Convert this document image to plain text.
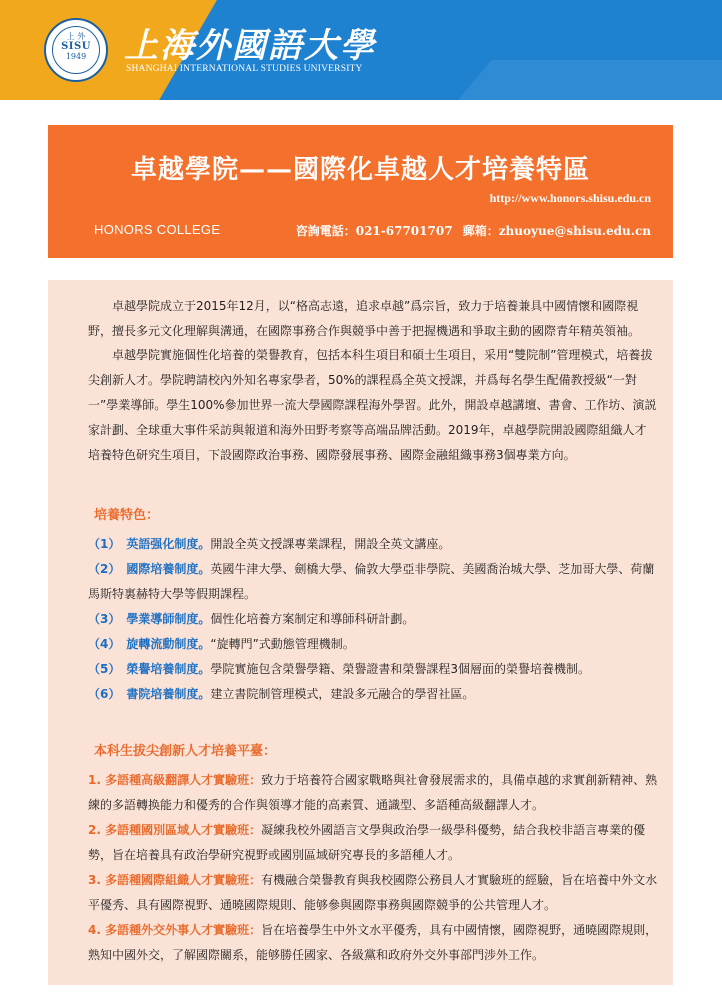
上 外
SISU
1949	上海外國語大學
SHANGHAI INTERNATIONAL STUDIES UNIVERSITY
卓越學院——國際化卓越人才培養特區
http://www.honors.shisu.edu.cn
HONORS COLLEGE	咨詢電話：021-67701707 郵箱：zhuoyue@shisu.edu.cn
卓越學院成立于2015年12月，以“格高志遠，追求卓越”爲宗旨，致力于培養兼具中國情懷和國際視野，擅長多元文化理解與溝通，在國際事務合作與競爭中善于把握機遇和爭取主動的國際青年精英領袖。
卓越學院實施個性化培養的榮譽教育，包括本科生項目和碩士生項目，采用“雙院制”管理模式，培養拔尖創新人才。學院聘請校內外知名專家學者，50%的課程爲全英文授課，并爲每名學生配備教授級“一對一”學業導師。學生100%參加世界一流大學國際課程海外學習。此外，開設卓越講壇、書會、工作坊、演説家計劃、全球重大事件采訪與報道和海外田野考察等高端品牌活動。2019年，卓越學院開設國際組織人才培養特色研究生項目，下設國際政治事務、國際發展事務、國際金融組織事務3個專業方向。
培養特色：
（1） 英語强化制度。開設全英文授課專業課程，開設全英文講座。
（2） 國際培養制度。英國牛津大學、劍橋大學、倫敦大學亞非學院、美國喬治城大學、芝加哥大學、荷蘭馬斯特裏赫特大學等假期課程。
（3） 學業導師制度。個性化培養方案制定和導師科研計劃。
（4） 旋轉流動制度。“旋轉門”式動態管理機制。
（5） 榮譽培養制度。學院實施包含榮譽學籍、榮譽證書和榮譽課程3個層面的榮譽培養機制。
（6） 書院培養制度。建立書院制管理模式，建設多元融合的學習社區。
本科生拔尖創新人才培養平臺：
1. 多語種高級翻譯人才實驗班：致力于培養符合國家戰略與社會發展需求的，具備卓越的求實創新精神、熟練的多語轉换能力和優秀的合作與領導才能的高素質、通識型、多語種高級翻譯人才。
2. 多語種國別區域人才實驗班：凝練我校外國語言文學與政治學一級學科優勢，結合我校非語言專業的優勢，旨在培養具有政治學研究視野或國別區域研究專長的多語種人才。
3. 多語種國際組織人才實驗班：有機融合榮譽教育與我校國際公務員人才實驗班的經驗，旨在培養中外文水平優秀、具有國際視野、通曉國際規則、能够參與國際事務與國際競爭的公共管理人才。
4. 多語種外交外事人才實驗班：旨在培養學生中外文水平優秀，具有中國情懷，國際視野，通曉國際規則，熟知中國外交，了解國際關系，能够勝任國家、各級黨和政府外交外事部門涉外工作。
